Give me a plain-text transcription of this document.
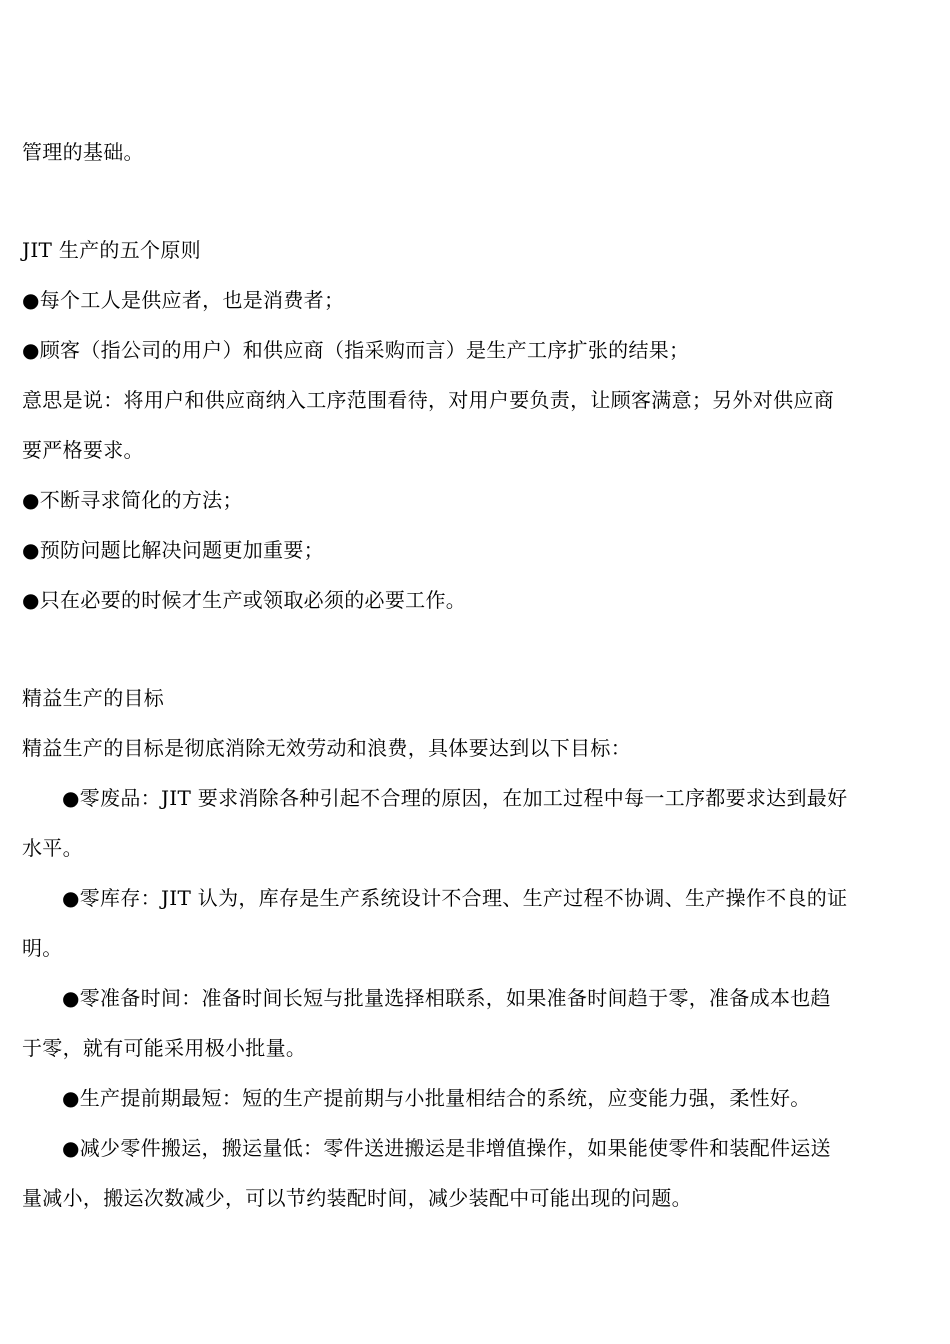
管理的基础。
JIT 生产的五个原则
●每个工人是供应者，也是消费者；
●顾客（指公司的用户）和供应商（指采购而言）是生产工序扩张的结果；
意思是说：将用户和供应商纳入工序范围看待，对用户要负责，让顾客满意；另外对供应商
要严格要求。
●不断寻求简化的方法；
●预防问题比解决问题更加重要；
●只在必要的时候才生产或领取必须的必要工作。
精益生产的目标
精益生产的目标是彻底消除无效劳动和浪费，具体要达到以下目标：
●零废品：JIT 要求消除各种引起不合理的原因，在加工过程中每一工序都要求达到最好
水平。
●零库存：JIT 认为，库存是生产系统设计不合理、生产过程不协调、生产操作不良的证
明。
●零准备时间：准备时间长短与批量选择相联系，如果准备时间趋于零，准备成本也趋
于零，就有可能采用极小批量。
●生产提前期最短：短的生产提前期与小批量相结合的系统，应变能力强，柔性好。
●减少零件搬运，搬运量低：零件送进搬运是非增值操作，如果能使零件和装配件运送
量减小，搬运次数减少，可以节约装配时间，减少装配中可能出现的问题。
